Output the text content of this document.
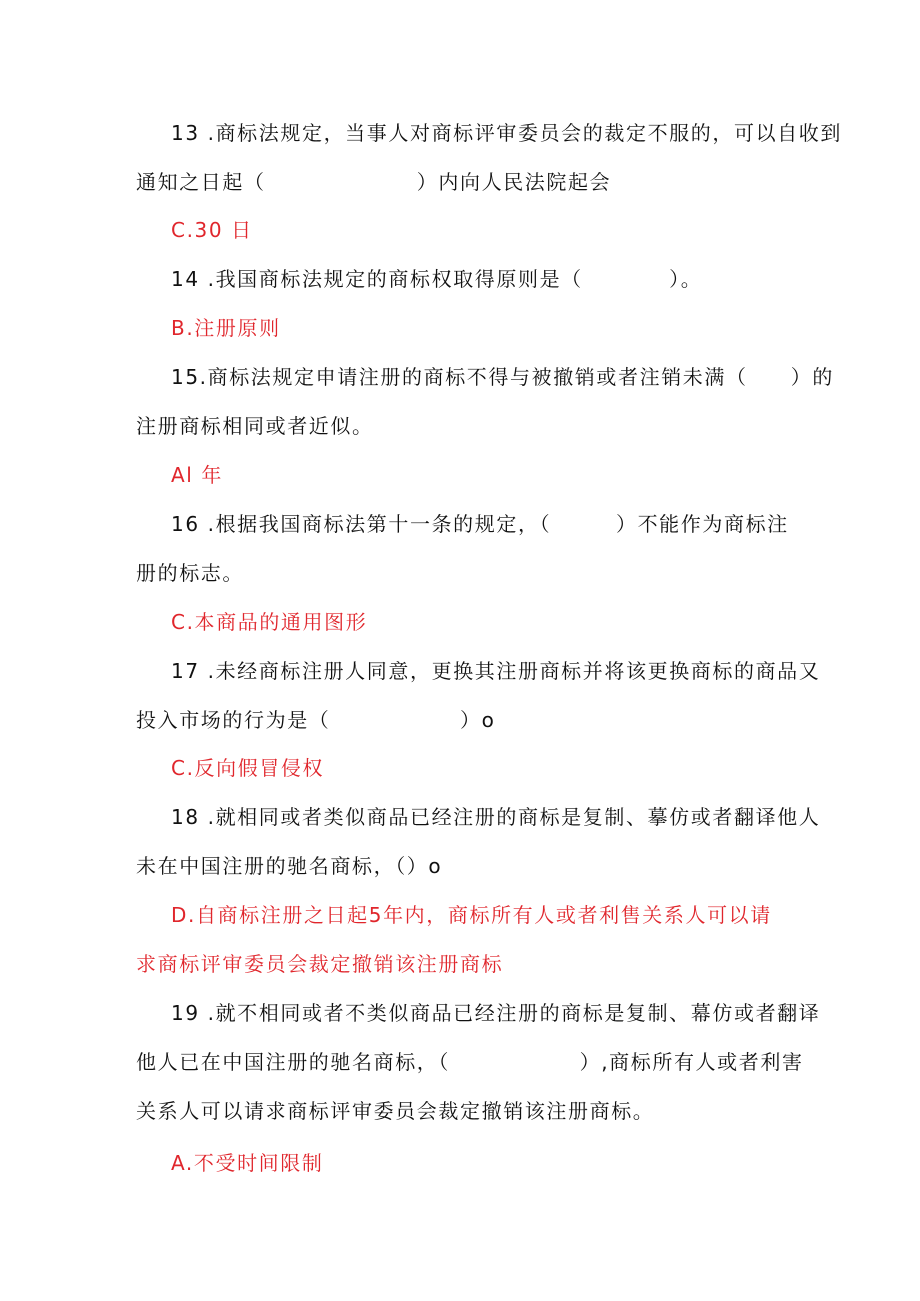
13 .商标法规定，当事人对商标评审委员会的裁定不服的，可以自收到
通知之日起（　　　　　　　）内向人民法院起会
C.30 日
14 .我国商标法规定的商标权取得原则是（　　　　）。
B.注册原则
15.商标法规定申请注册的商标不得与被撤销或者注销未满（　　）的
注册商标相同或者近似。
Al 年
16 .根据我国商标法第十一条的规定，（　　　）不能作为商标注
册的标志。
C.本商品的通用图形
17 .未经商标注册人同意，更换其注册商标并将该更换商标的商品又
投入市场的行为是（　　　　　　）o
C.反向假冒侵权
18 .就相同或者类似商品已经注册的商标是复制、摹仿或者翻译他人
未在中国注册的驰名商标，（）o
D.自商标注册之日起5年内，商标所有人或者利售关系人可以请
求商标评审委员会裁定撤销该注册商标
19 .就不相同或者不类似商品已经注册的商标是复制、幕仿或者翻译
他人已在中国注册的驰名商标，（　　　　　　）,商标所有人或者利害
关系人可以请求商标评审委员会裁定撤销该注册商标。
A.不受时间限制
